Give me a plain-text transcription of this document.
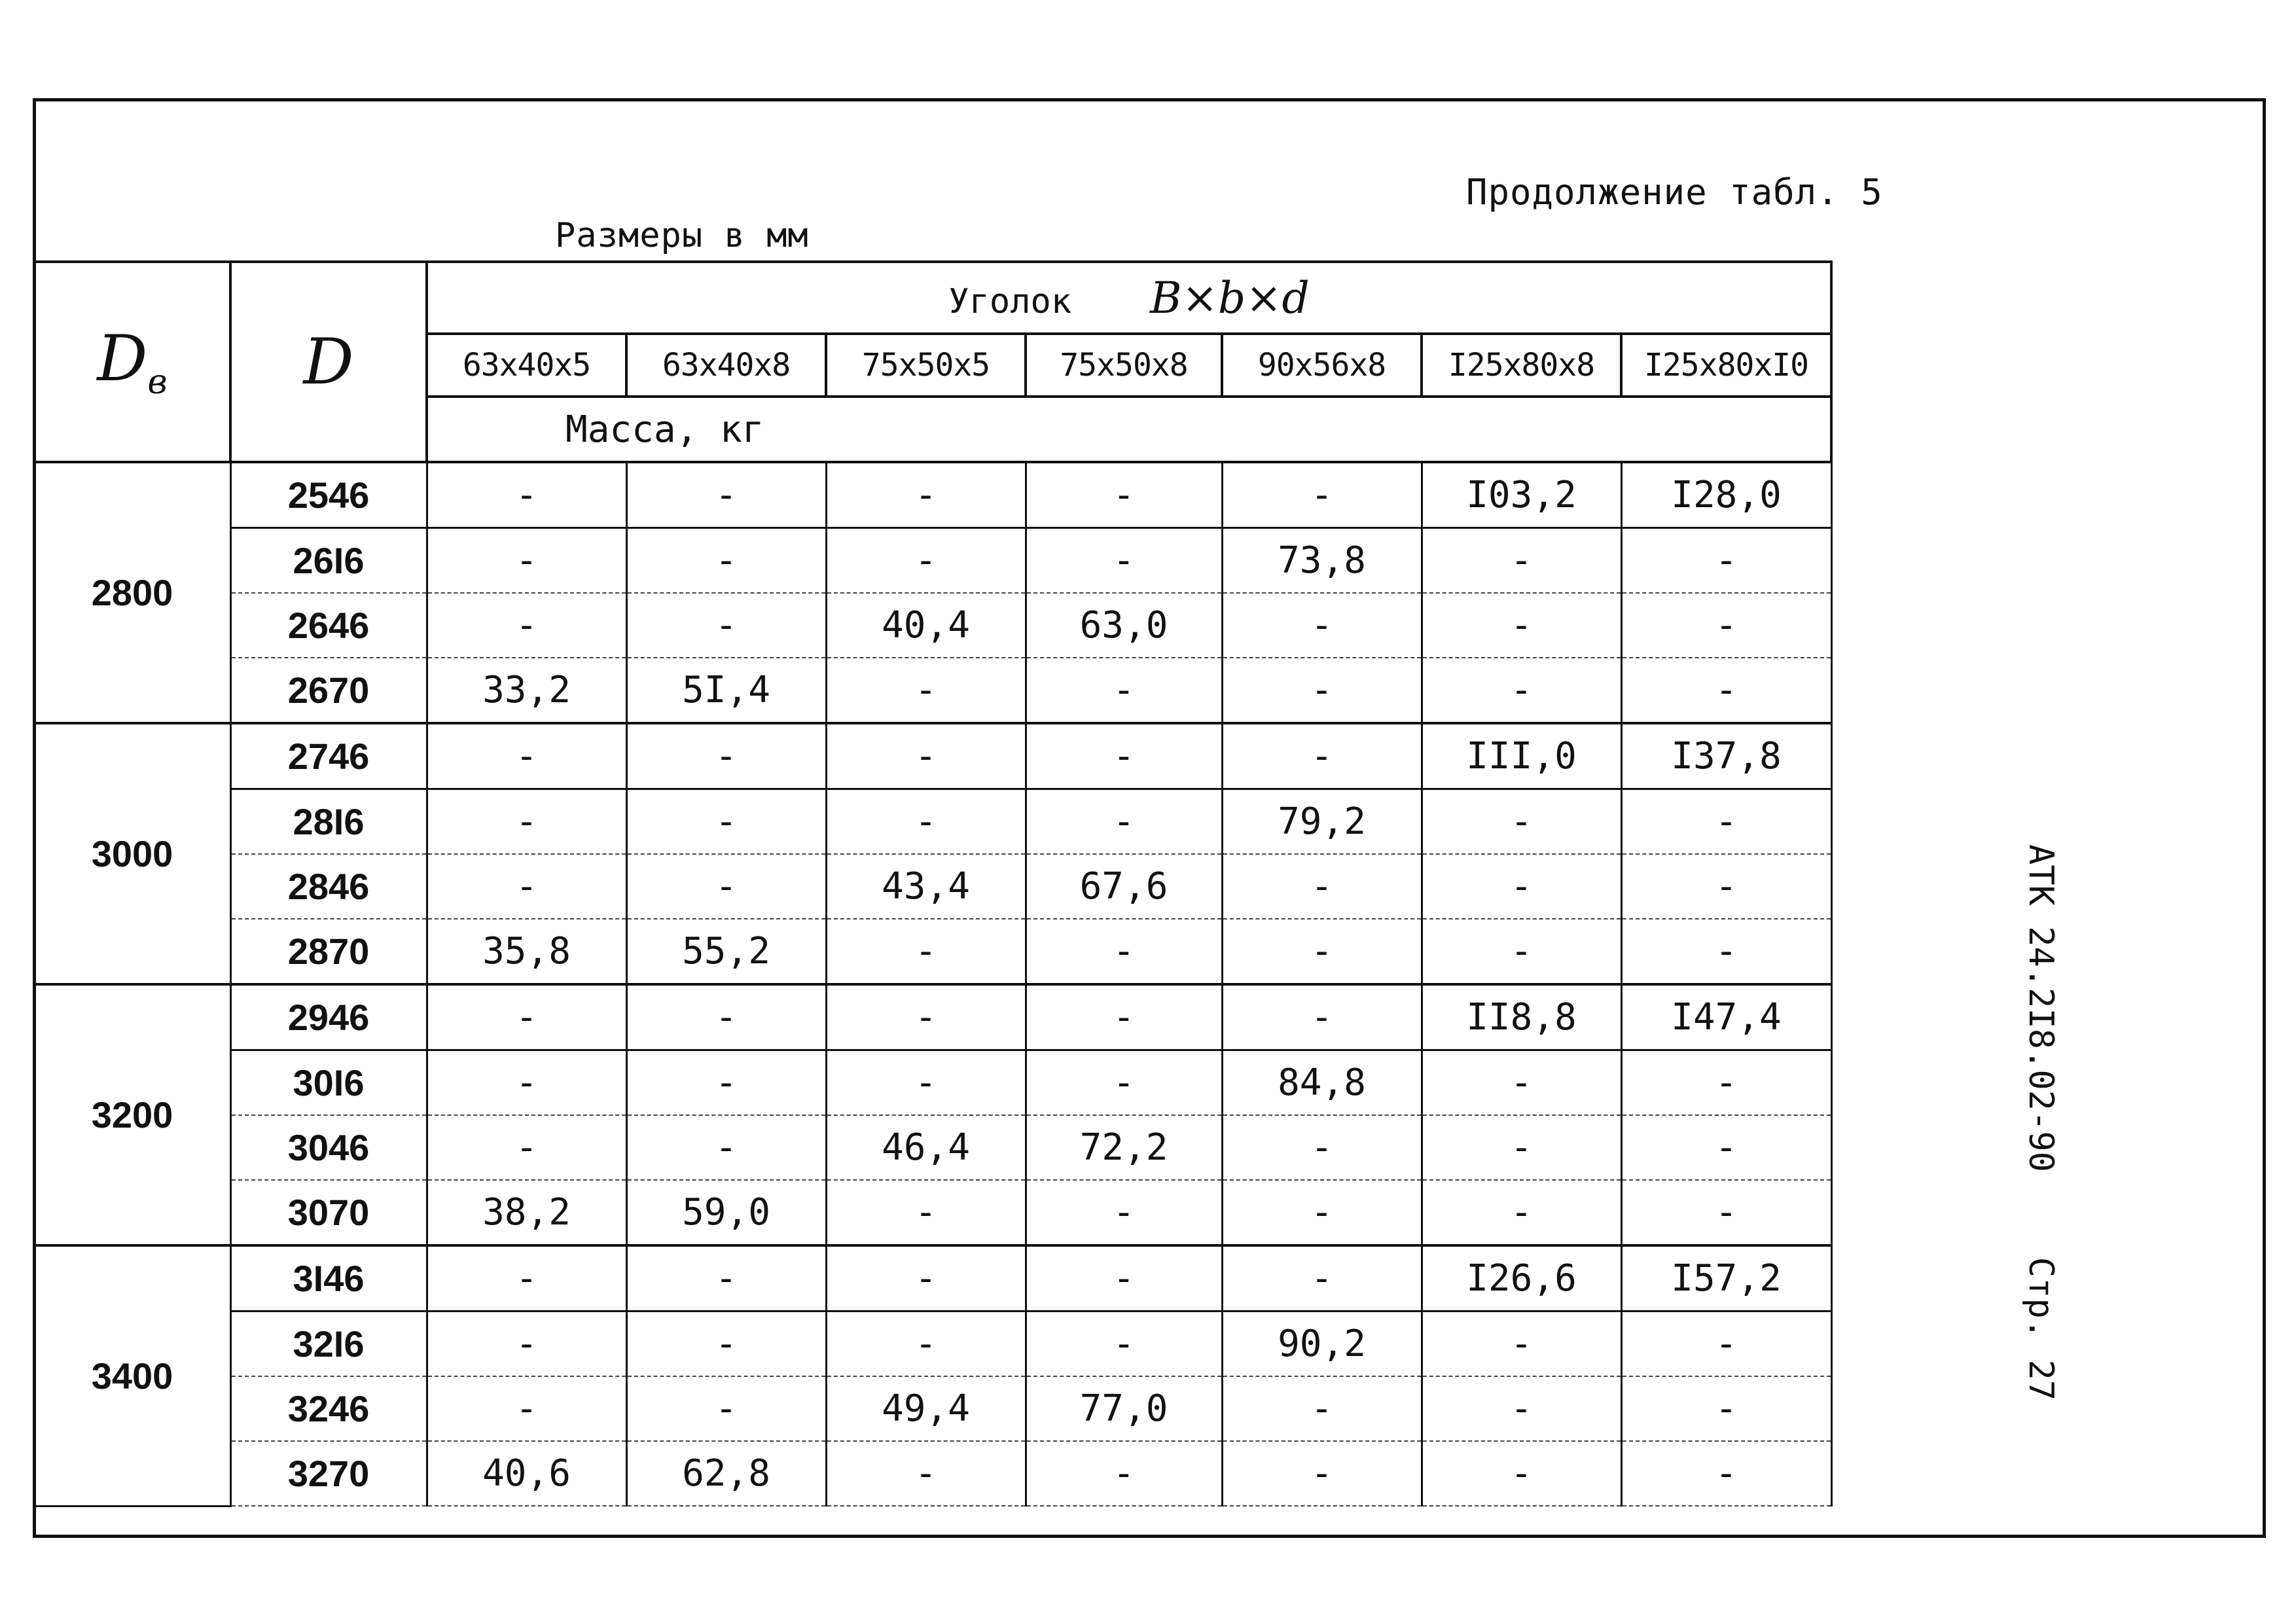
Продолжение табл. 5
Размеры в мм
АТК 24.2I8.02-90Стр. 27
$D_в$	D	Уголок B×b×d						
		63x40x5	63x40x8	75x50x5	75x50x8	90x56x8	I25x80x8	I25x80xI0
		Масса, кг						
2800	2546	-	-	-	-	-	I03,2	I28,0
	26I6	-	-	-	-	73,8	-	-
	2646	-	-	40,4	63,0	-	-	-
	2670	33,2	5I,4	-	-	-	-	-
3000	2746	-	-	-	-	-	III,0	I37,8
	28I6	-	-	-	-	79,2	-	-
	2846	-	-	43,4	67,6	-	-	-
	2870	35,8	55,2	-	-	-	-	-
3200	2946	-	-	-	-	-	II8,8	I47,4
	30I6	-	-	-	-	84,8	-	-
	3046	-	-	46,4	72,2	-	-	-
	3070	38,2	59,0	-	-	-	-	-
3400	3I46	-	-	-	-	-	I26,6	I57,2
	32I6	-	-	-	-	90,2	-	-
	3246	-	-	49,4	77,0	-	-	-
	3270	40,6	62,8	-	-	-	-	-
